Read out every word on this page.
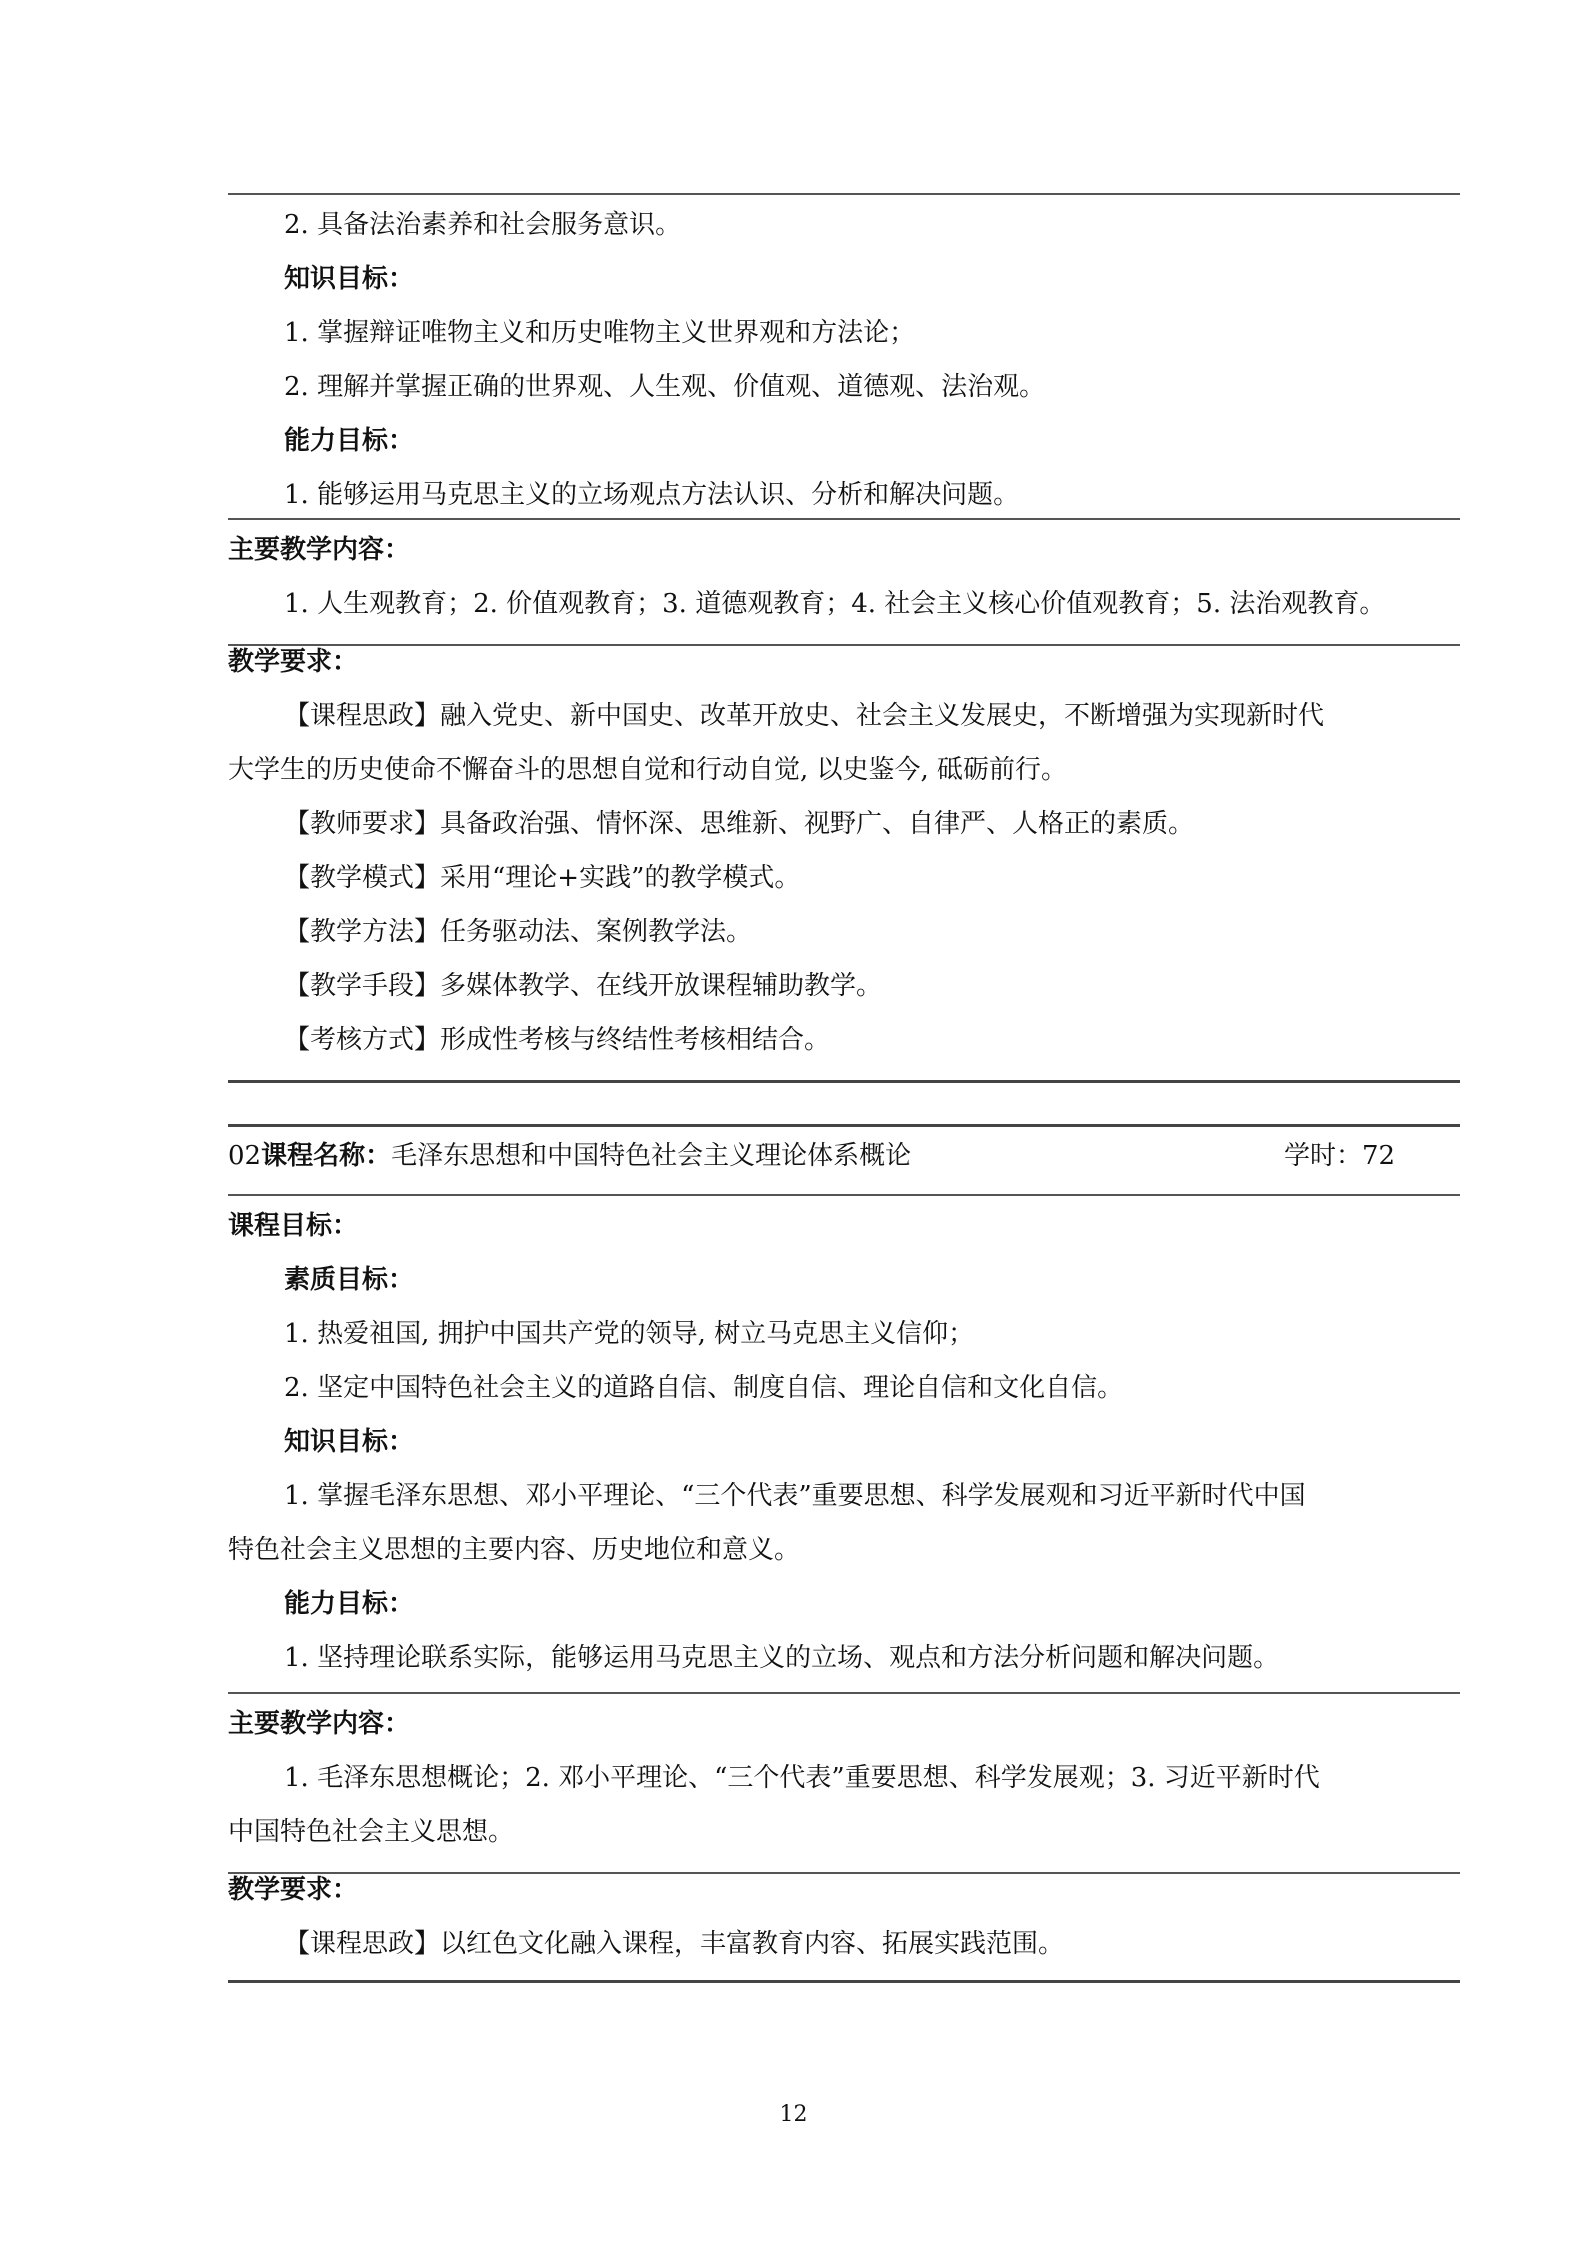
2. 具备法治素养和社会服务意识。
知识目标：
1. 掌握辩证唯物主义和历史唯物主义世界观和方法论；
2. 理解并掌握正确的世界观、人生观、价值观、道德观、法治观。
能力目标：
1. 能够运用马克思主义的立场观点方法认识、分析和解决问题。
主要教学内容：
1. 人生观教育；2. 价值观教育；3. 道德观教育；4. 社会主义核心价值观教育；5. 法治观教育。
教学要求：
【课程思政】融入党史、新中国史、改革开放史、社会主义发展史，不断增强为实现新时代
大学生的历史使命不懈奋斗的思想自觉和行动自觉, 以史鉴今, 砥砺前行。
【教师要求】具备政治强、情怀深、思维新、视野广、自律严、人格正的素质。
【教学模式】采用“理论+实践”的教学模式。
【教学方法】任务驱动法、案例教学法。
【教学手段】多媒体教学、在线开放课程辅助教学。
【考核方式】形成性考核与终结性考核相结合。
02课程名称：毛泽东思想和中国特色社会主义理论体系概论	学时：72
课程目标：
素质目标：
1. 热爱祖国, 拥护中国共产党的领导, 树立马克思主义信仰；
2. 坚定中国特色社会主义的道路自信、制度自信、理论自信和文化自信。
知识目标：
1. 掌握毛泽东思想、邓小平理论、“三个代表”重要思想、科学发展观和习近平新时代中国
特色社会主义思想的主要内容、历史地位和意义。
能力目标：
1. 坚持理论联系实际，能够运用马克思主义的立场、观点和方法分析问题和解决问题。
主要教学内容：
1. 毛泽东思想概论；2. 邓小平理论、“三个代表”重要思想、科学发展观；3. 习近平新时代
中国特色社会主义思想。
教学要求：
【课程思政】以红色文化融入课程，丰富教育内容、拓展实践范围。
12
